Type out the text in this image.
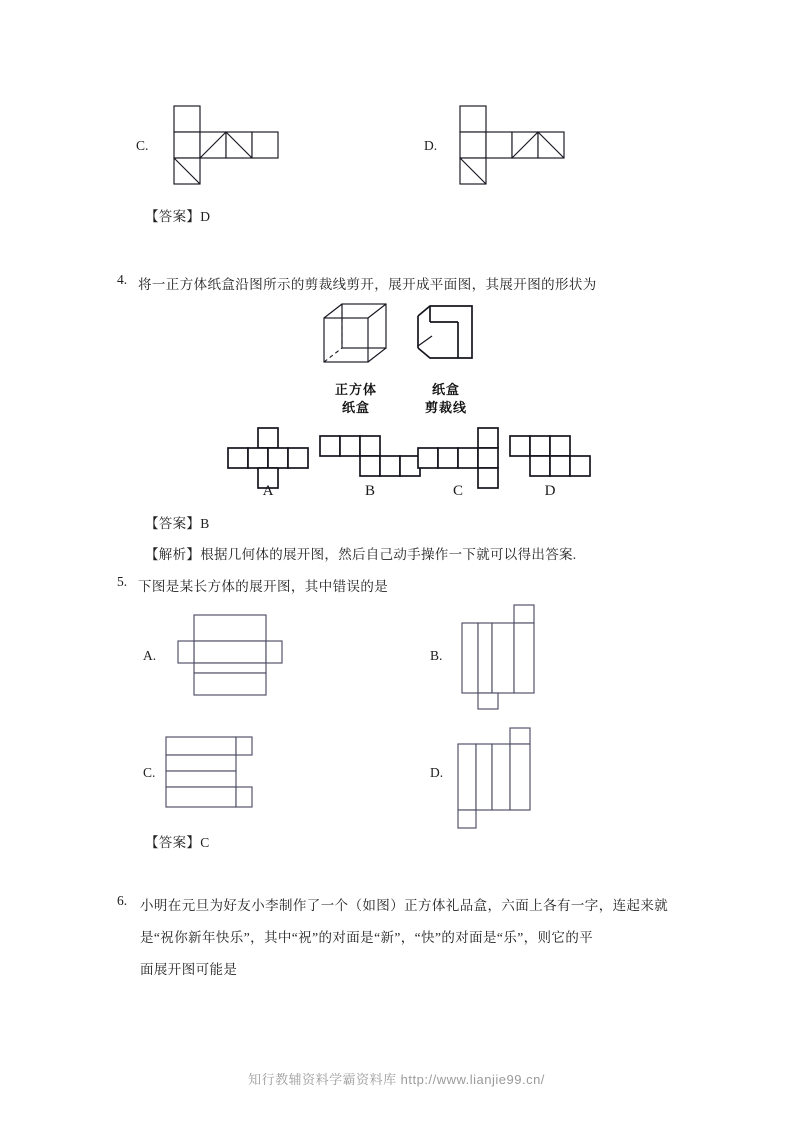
C.	D.
【答案】D
4. 将一正方体纸盒沿图所示的剪裁线剪开，展开成平面图，其展开图的形状为
正方体
纸盒
纸盒
剪裁线
A	B	C	D
【答案】B
【解析】根据几何体的展开图，然后自己动手操作一下就可以得出答案.
5. 下图是某长方体的展开图，其中错误的是
A.	B.
C.	D.
【答案】C
6. 小明在元旦为好友小李制作了一个（如图）正方体礼品盒，六面上各有一字，连起来就
是“祝你新年快乐”，其中“祝”的对面是“新”，“快”的对面是“乐”，则它的平
面展开图可能是
知行教辅资料学霸资料库 http://www.lianjie99.cn/
